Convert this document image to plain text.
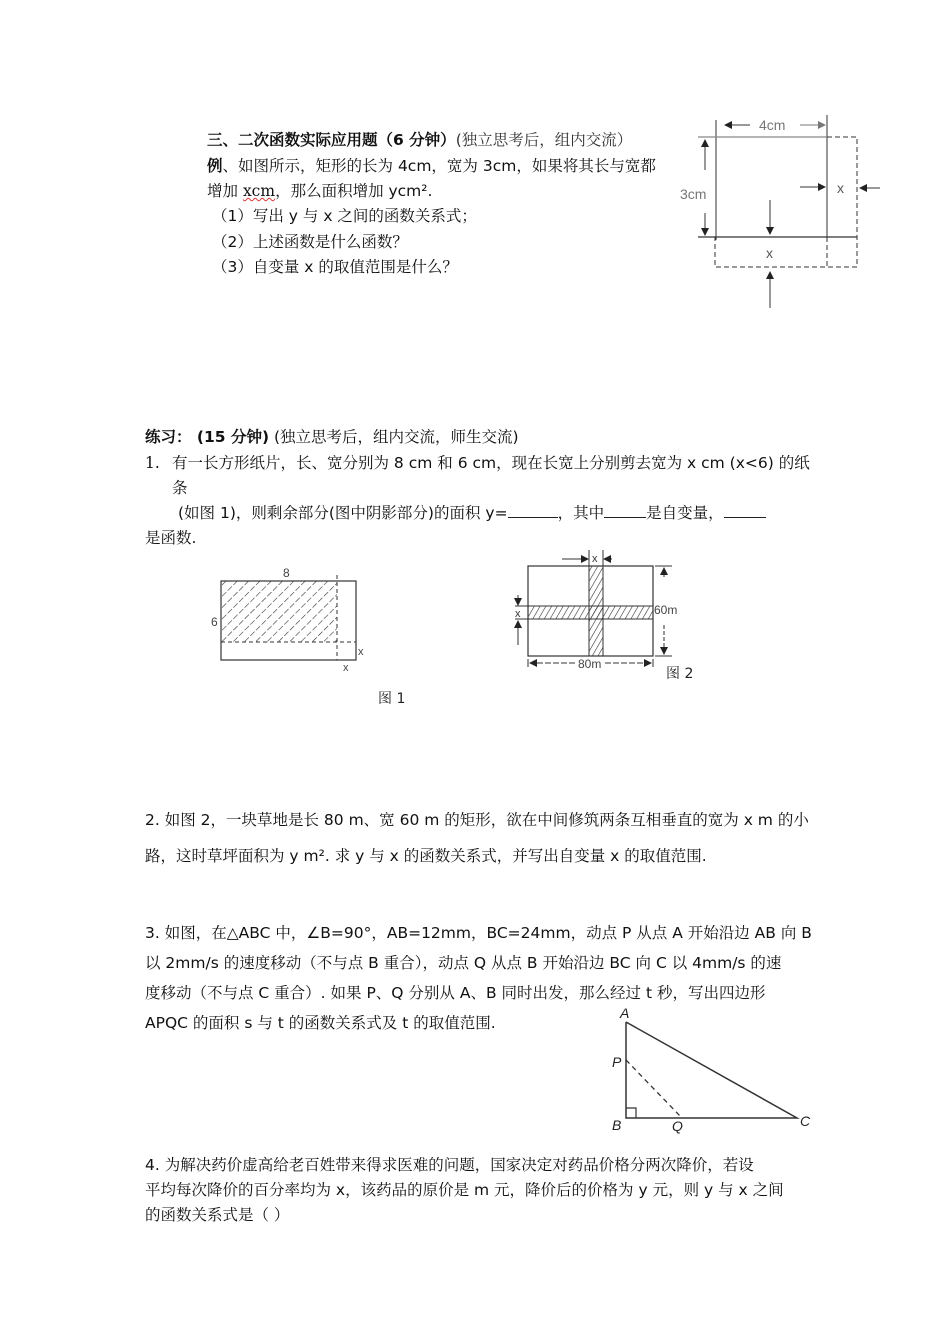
三、二次函数实际应用题（6 分钟）(独立思考后，组内交流）
例、如图所示，矩形的长为 4cm，宽为 3cm，如果将其长与宽都
增加 xcm，那么面积增加 ycm².
（1）写出 y 与 x 之间的函数关系式；
（2）上述函数是什么函数？
（3）自变量 x 的取值范围是什么？
4cm
3cm	x
x
练习： (15 分钟) (独立思考后，组内交流，师生交流)
1. 有一长方形纸片，长、宽分别为 8 cm 和 6 cm，现在长宽上分别剪去宽为 x cm (x<6) 的纸
条
(如图 1)，则剩余部分(图中阴影部分)的面积 y=	，其中	是自变量，
是函数.
8
6
x
x
图 1
x
x	60m
80m
图 2
2. 如图 2，一块草地是长 80 m、宽 60 m 的矩形，欲在中间修筑两条互相垂直的宽为 x m 的小
路，这时草坪面积为 y m². 求 y 与 x 的函数关系式，并写出自变量 x 的取值范围.
3. 如图，在△ABC 中，∠B=90°，AB=12mm，BC=24mm，动点 P 从点 A 开始沿边 AB 向 B
以 2mm/s 的速度移动（不与点 B 重合），动点 Q 从点 B 开始沿边 BC 向 C 以 4mm/s 的速
度移动（不与点 C 重合）. 如果 P、Q 分别从 A、B 同时出发，那么经过 t 秒，写出四边形
APQC 的面积 s 与 t 的函数关系式及 t 的取值范围.
A
P
B	Q	C
4. 为解决药价虚高给老百姓带来得求医难的问题，国家决定对药品价格分两次降价，若设
平均每次降价的百分率均为 x，该药品的原价是 m 元，降价后的价格为 y 元，则 y 与 x 之间
的函数关系式是（ ）
